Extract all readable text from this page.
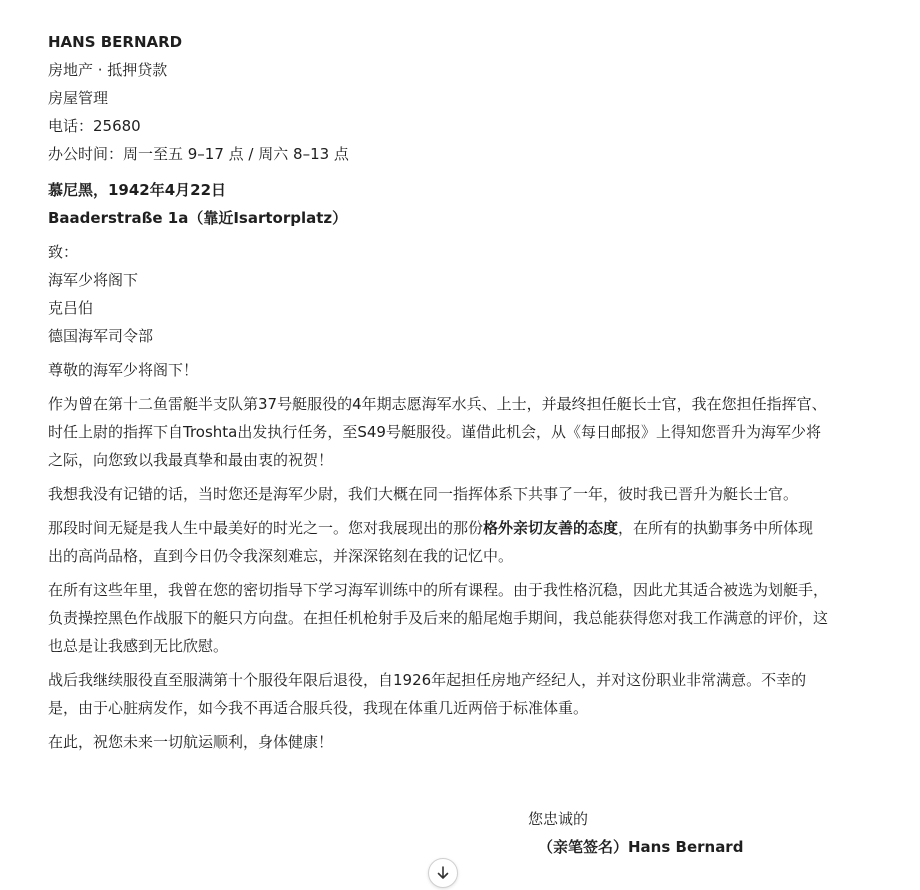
HANS BERNARD
房地产 · 抵押贷款
房屋管理
电话：25680
办公时间：周一至五 9–17 点 / 周六 8–13 点
慕尼黑，1942年4月22日
Baaderstraße 1a（靠近Isartorplatz）
致：
海军少将阁下
克吕伯
德国海军司令部
尊敬的海军少将阁下！

作为曾在第十二鱼雷艇半支队第37号艇服役的4年期志愿海军水兵、上士，并最终担任艇长士官，我在您担任指挥官、时任上尉的指挥下自Troshta出发执行任务，至S49号艇服役。谨借此机会，从《每日邮报》上得知您晋升为海军少将之际，向您致以我最真挚和最由衷的祝贺！

我想我没有记错的话，当时您还是海军少尉，我们大概在同一指挥体系下共事了一年，彼时我已晋升为艇长士官。

那段时间无疑是我人生中最美好的时光之一。您对我展现出的那份格外亲切友善的态度，在所有的执勤事务中所体现出的高尚品格，直到今日仍令我深刻难忘，并深深铭刻在我的记忆中。

在所有这些年里，我曾在您的密切指导下学习海军训练中的所有课程。由于我性格沉稳，因此尤其适合被选为划艇手，负责操控黑色作战服下的艇只方向盘。在担任机枪射手及后来的船尾炮手期间，我总能获得您对我工作满意的评价，这也总是让我感到无比欣慰。

战后我继续服役直至服满第十个服役年限后退役，自1926年起担任房地产经纪人，并对这份职业非常满意。不幸的是，由于心脏病发作，如今我不再适合服兵役，我现在体重几近两倍于标准体重。

在此，祝您未来一切航运顺利，身体健康！

您忠诚的
（亲笔签名）Hans Bernard
